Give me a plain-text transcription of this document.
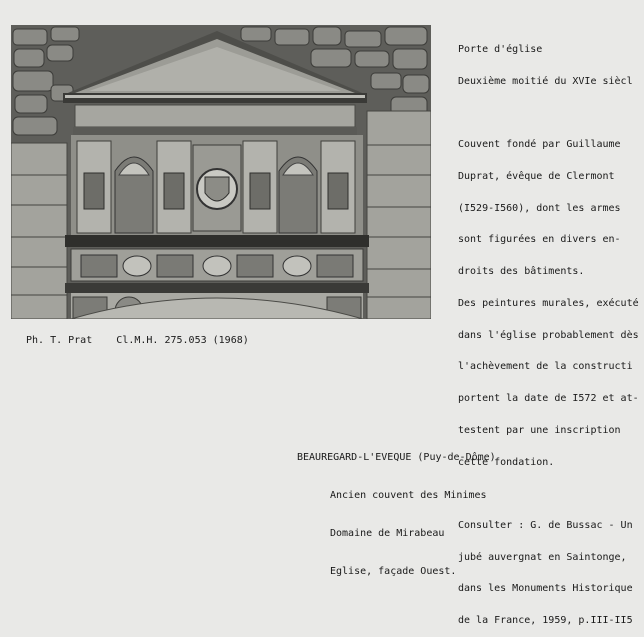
Porte d'église

Deuxième moitié du XVIe siècl

Couvent fondé par Guillaume

Duprat, évêque de Clermont

(I529-I560), dont les armes

sont figurées en divers en-

droits des bâtiments.

Des peintures murales, exécuté

dans l'église probablement dès

l'achèvement de la constructi

portent la date de I572 et at-

testent par une inscription

cette fondation.

Consulter : G. de Bussac - Un

jubé auvergnat en Saintonge,

dans les Monuments Historique

de la France, 1959, p.III-II5

Ph. T. Prat    Cl.M.H. 275.053 (1968)

BEAUREGARD-L'EVEQUE (Puy-de-Dôme)

Ancien couvent des Minimes

Domaine de Mirabeau

Eglise, façade Ouest.
